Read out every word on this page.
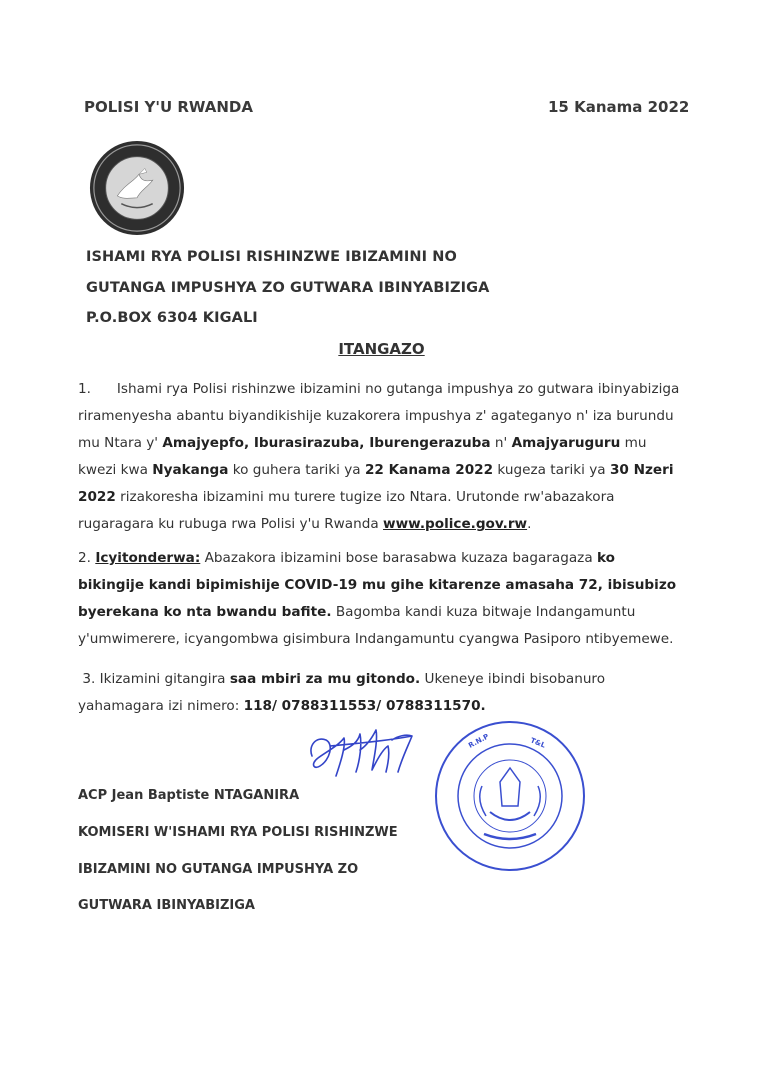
POLISI Y'U RWANDA	15 Kanama 2022
ISHAMI RYA POLISI RISHINZWE IBIZAMINI NO
GUTANGA IMPUSHYA ZO GUTWARA IBINYABIZIGA
P.O.BOX 6304 KIGALI
ITANGAZO
1. Ishami rya Polisi rishinzwe ibizamini no gutanga impushya zo gutwara ibinyabiziga riramenyesha abantu biyandikishije kuzakorera impushya z' agateganyo n' iza burundu mu Ntara y' Amajyepfo, Iburasirazuba, Iburengerazuba n' Amajyaruguru mu kwezi kwa Nyakanga ko guhera tariki ya 22 Kanama 2022 kugeza tariki ya 30 Nzeri 2022 rizakoresha ibizamini mu turere tugize izo Ntara. Urutonde rw'abazakora rugaragara ku rubuga rwa Polisi y'u Rwanda www.police.gov.rw.
2. Icyitonderwa: Abazakora ibizamini bose barasabwa kuzaza bagaragaza ko bikingije kandi bipimishije COVID-19 mu gihe kitarenze amasaha 72, ibisubizo byerekana ko nta bwandu bafite. Bagomba kandi kuza bitwaje Indangamuntu y'umwimerere, icyangombwa gisimbura Indangamuntu cyangwa Pasiporo ntibyemewe.
3. Ikizamini gitangira saa mbiri za mu gitondo. Ukeneye ibindi bisobanuro yahamagara izi nimero: 118/ 0788311553/ 0788311570.
R.N.P	T&L
ACP Jean Baptiste NTAGANIRA
KOMISERI W'ISHAMI RYA POLISI RISHINZWE
IBIZAMINI NO GUTANGA IMPUSHYA ZO
GUTWARA IBINYABIZIGA
